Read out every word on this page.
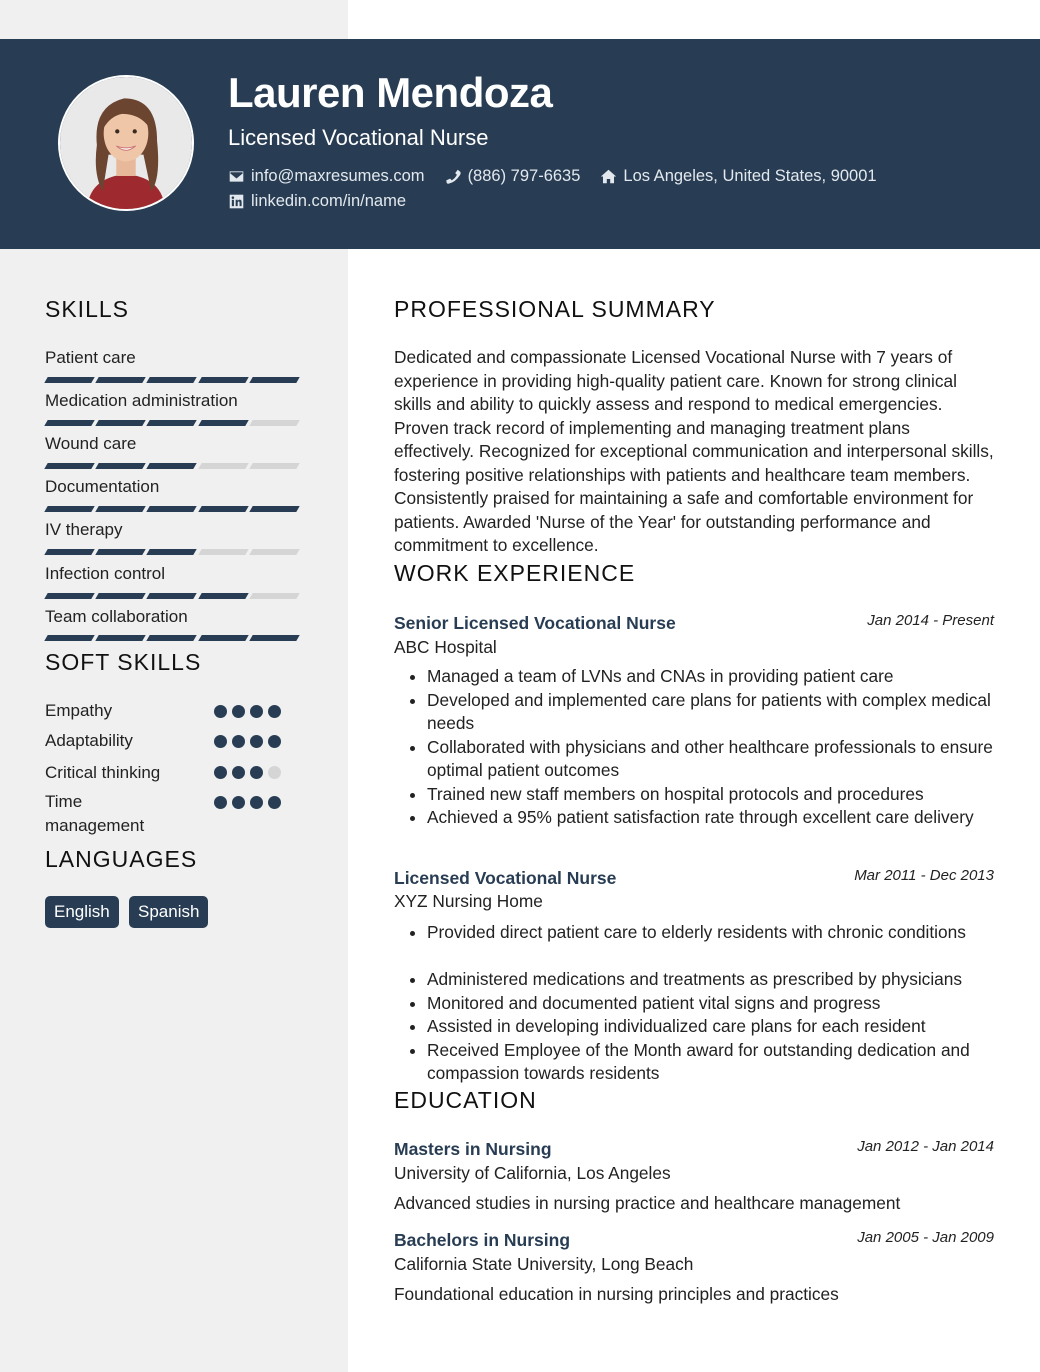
Lauren Mendoza
Licensed Vocational Nurse
info@maxresumes.com	(886) 797-6635	Los Angeles, United States, 90001
linkedin.com/in/name
SKILLS
Patient care
Medication administration
Wound care
Documentation
IV therapy
Infection control
Team collaboration
SOFT SKILLS
Empathy
Adaptability
Critical thinking
Time management
LANGUAGES
English	Spanish
PROFESSIONAL SUMMARY

Dedicated and compassionate Licensed Vocational Nurse with 7 years of experience in providing high-quality patient care. Known for strong clinical skills and ability to quickly assess and respond to medical emergencies. Proven track record of implementing and managing treatment plans effectively. Recognized for exceptional communication and interpersonal skills, fostering positive relationships with patients and healthcare team members. Consistently praised for maintaining a safe and comfortable environment for patients. Awarded 'Nurse of the Year' for outstanding performance and commitment to excellence.

WORK EXPERIENCE
Senior Licensed Vocational Nurse	Jan 2014 - Present
ABC Hospital
• Managed a team of LVNs and CNAs in providing patient care
• Developed and implemented care plans for patients with complex medical needs
• Collaborated with physicians and other healthcare professionals to ensure optimal patient outcomes
• Trained new staff members on hospital protocols and procedures
• Achieved a 95% patient satisfaction rate through excellent care delivery
Licensed Vocational Nurse	Mar 2011 - Dec 2013
XYZ Nursing Home
• Provided direct patient care to elderly residents with chronic conditions
• Administered medications and treatments as prescribed by physicians
• Monitored and documented patient vital signs and progress
• Assisted in developing individualized care plans for each resident
• Received Employee of the Month award for outstanding dedication and compassion towards residents
EDUCATION
Masters in Nursing	Jan 2012 - Jan 2014
University of California, Los Angeles
Advanced studies in nursing practice and healthcare management
Bachelors in Nursing	Jan 2005 - Jan 2009
California State University, Long Beach
Foundational education in nursing principles and practices
